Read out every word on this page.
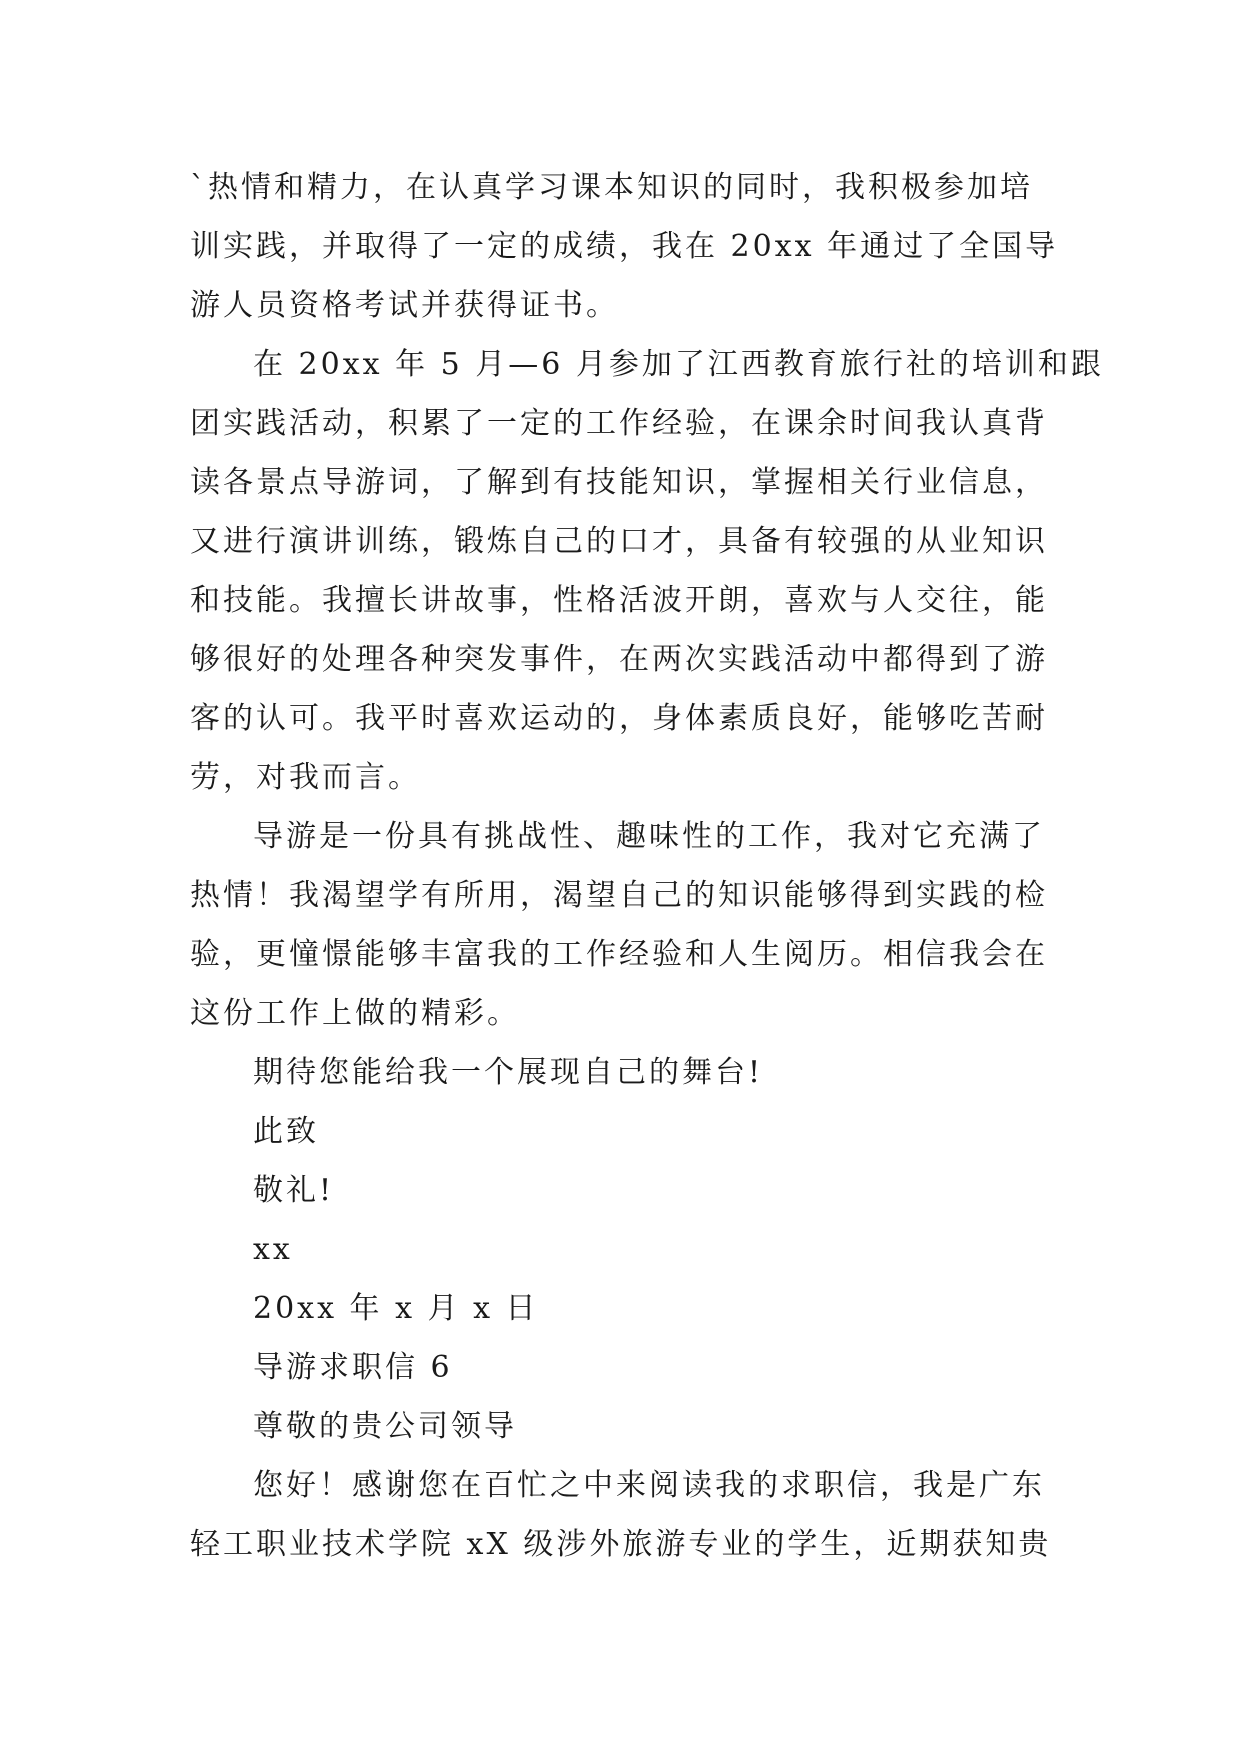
`热情和精力，在认真学习课本知识的同时，我积极参加培
训实践，并取得了一定的成绩，我在 20xx 年通过了全国导
游人员资格考试并获得证书。
在 20xx 年 5 月—6 月参加了江西教育旅行社的培训和跟
团实践活动，积累了一定的工作经验，在课余时间我认真背
读各景点导游词，了解到有技能知识，掌握相关行业信息，
又进行演讲训练，锻炼自己的口才，具备有较强的从业知识
和技能。我擅长讲故事，性格活波开朗，喜欢与人交往，能
够很好的处理各种突发事件，在两次实践活动中都得到了游
客的认可。我平时喜欢运动的，身体素质良好，能够吃苦耐
劳，对我而言。
导游是一份具有挑战性、趣味性的工作，我对它充满了
热情！我渴望学有所用，渴望自己的知识能够得到实践的检
验，更憧憬能够丰富我的工作经验和人生阅历。相信我会在
这份工作上做的精彩。
期待您能给我一个展现自己的舞台!
此致
敬礼!
xx
20xx 年 x 月 x 日
导游求职信 6
尊敬的贵公司领导
您好！感谢您在百忙之中来阅读我的求职信，我是广东
轻工职业技术学院 xX 级涉外旅游专业的学生，近期获知贵
